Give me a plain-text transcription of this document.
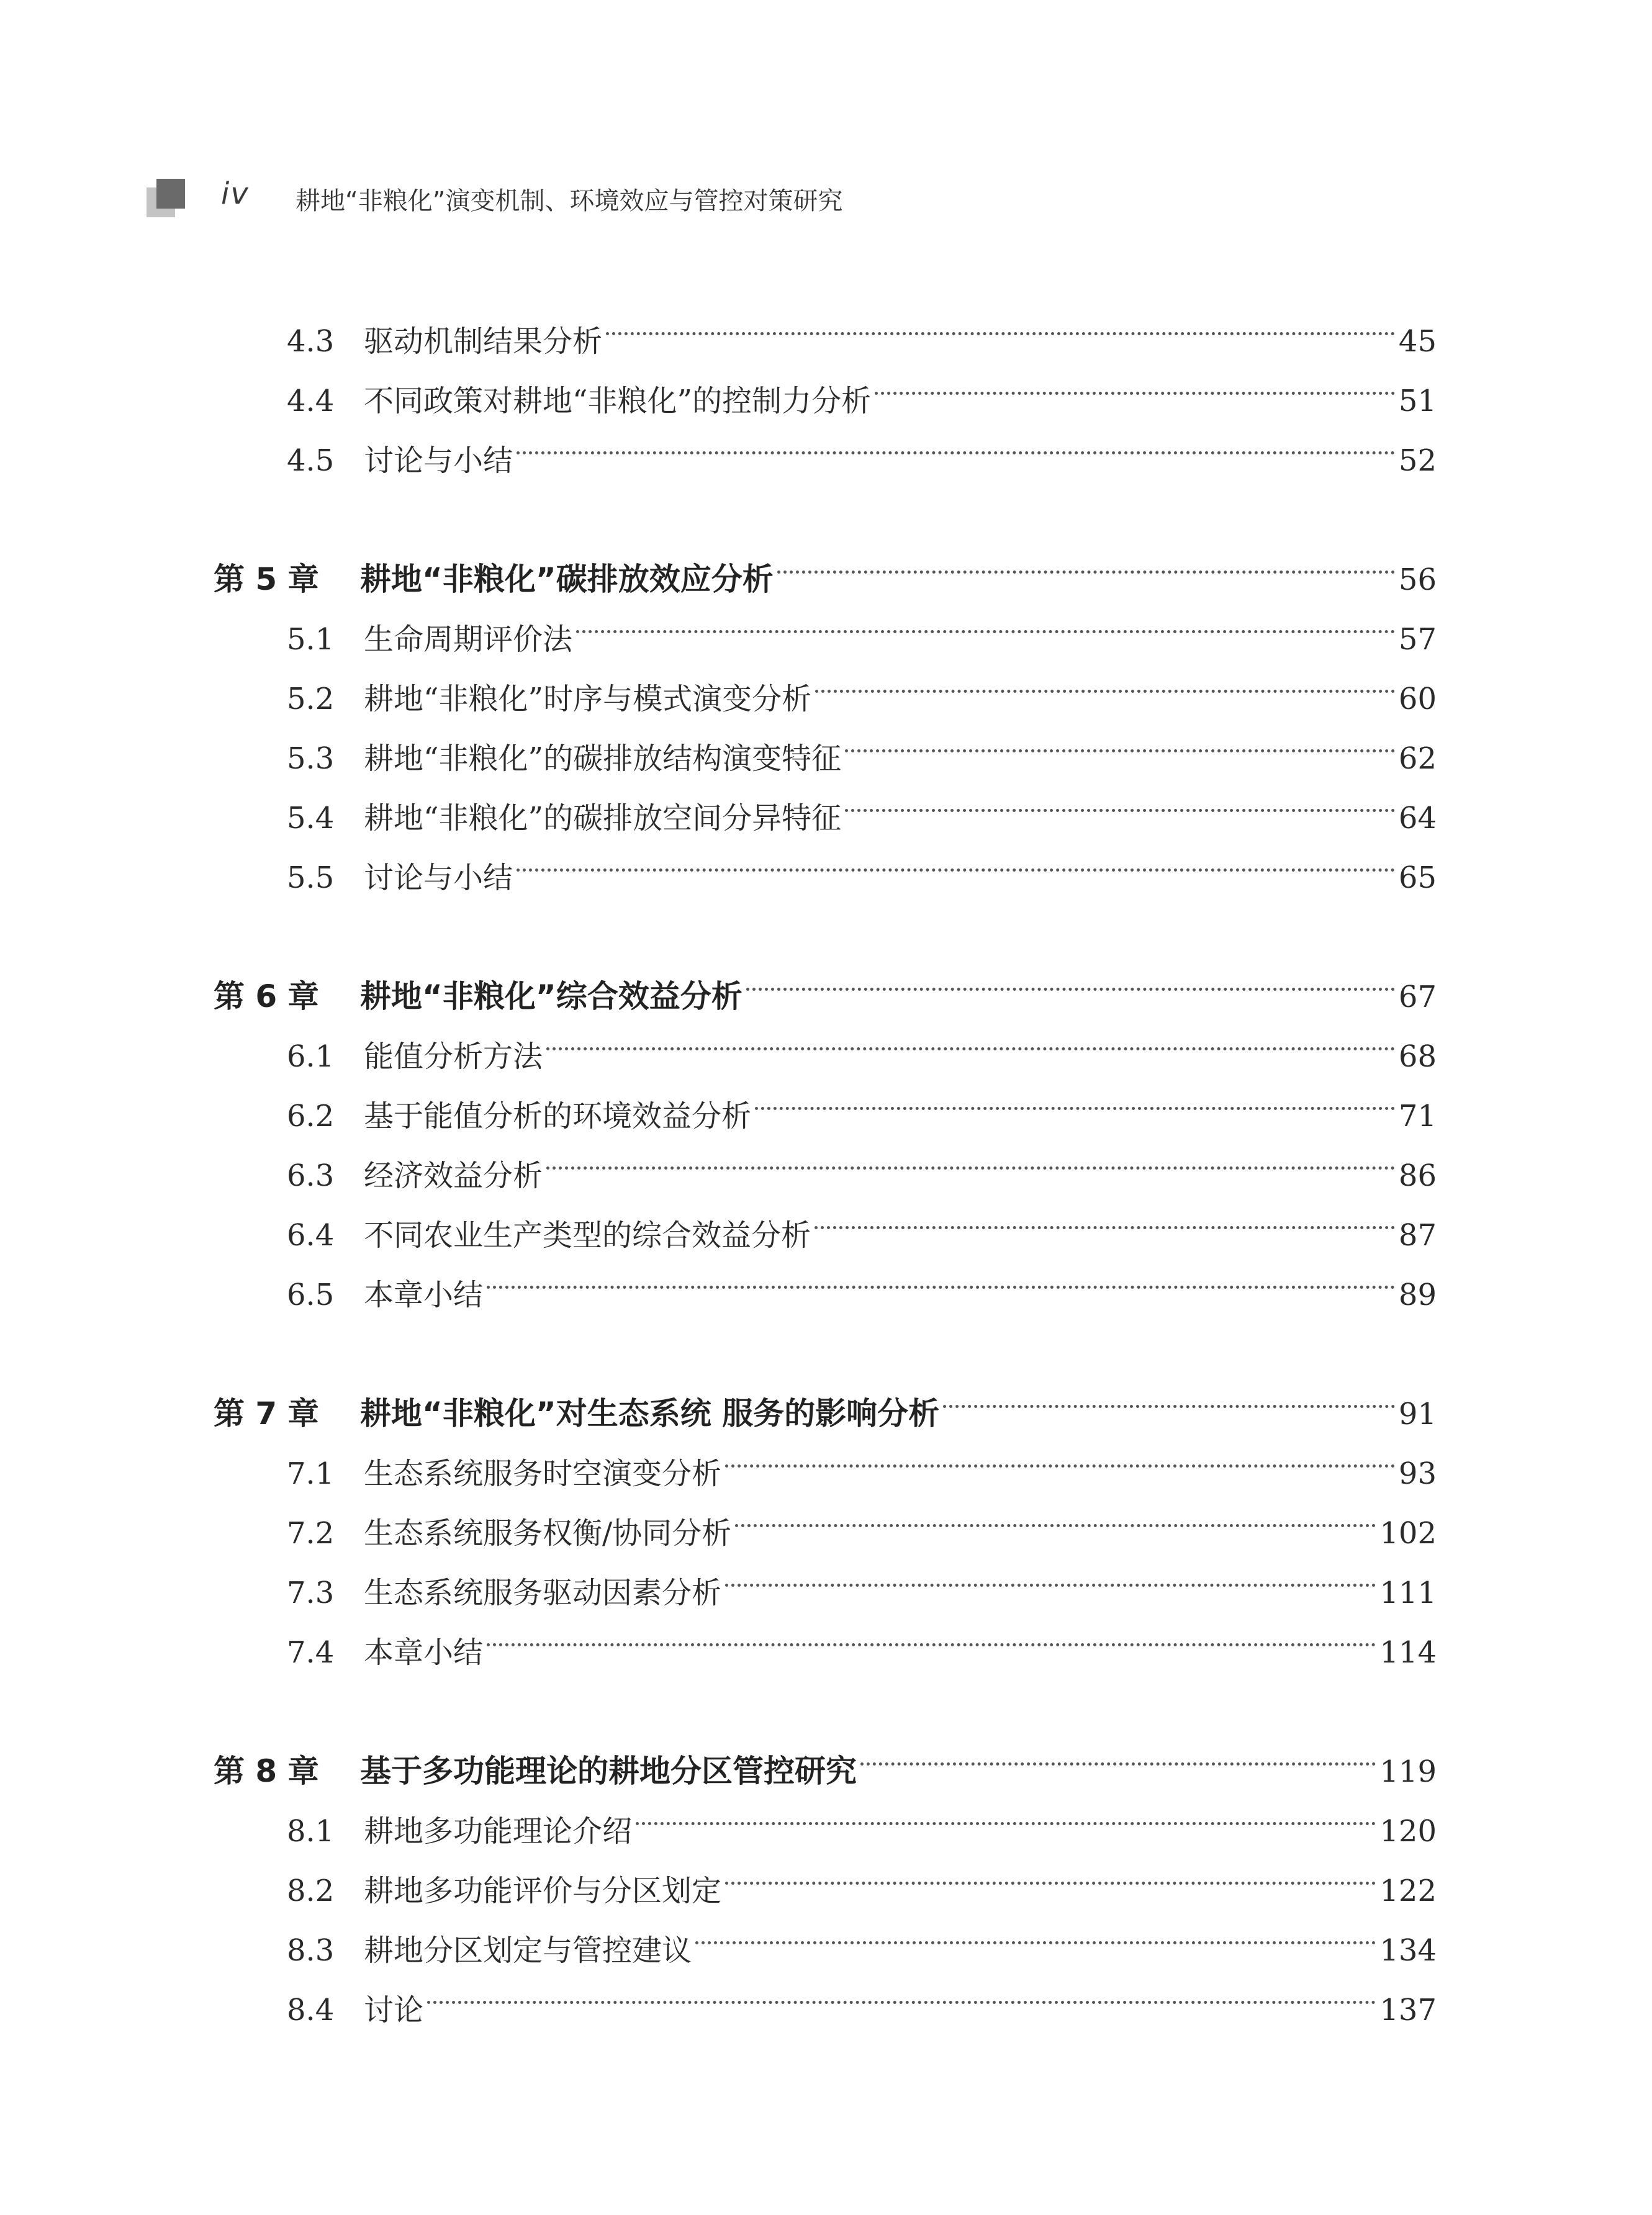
iv 耕地“非粮化”演变机制、环境效应与管控对策研究
4.3 驱动机制结果分析	45
4.4 不同政策对耕地“非粮化”的控制力分析	51
4.5 讨论与小结	52
第 5 章	耕地“非粮化”碳排放效应分析	56
5.1 生命周期评价法	57
5.2 耕地“非粮化”时序与模式演变分析	60
5.3 耕地“非粮化”的碳排放结构演变特征	62
5.4 耕地“非粮化”的碳排放空间分异特征	64
5.5 讨论与小结	65
第 6 章	耕地“非粮化”综合效益分析	67
6.1 能值分析方法	68
6.2 基于能值分析的环境效益分析	71
6.3 经济效益分析	86
6.4 不同农业生产类型的综合效益分析	87
6.5 本章小结	89
第 7 章	耕地“非粮化”对生态系统 服务的影响分析	91
7.1 生态系统服务时空演变分析	93
7.2 生态系统服务权衡/协同分析	102
7.3 生态系统服务驱动因素分析	111
7.4 本章小结	114
第 8 章	基于多功能理论的耕地分区管控研究	119
8.1 耕地多功能理论介绍	120
8.2 耕地多功能评价与分区划定	122
8.3 耕地分区划定与管控建议	134
8.4 讨论	137
